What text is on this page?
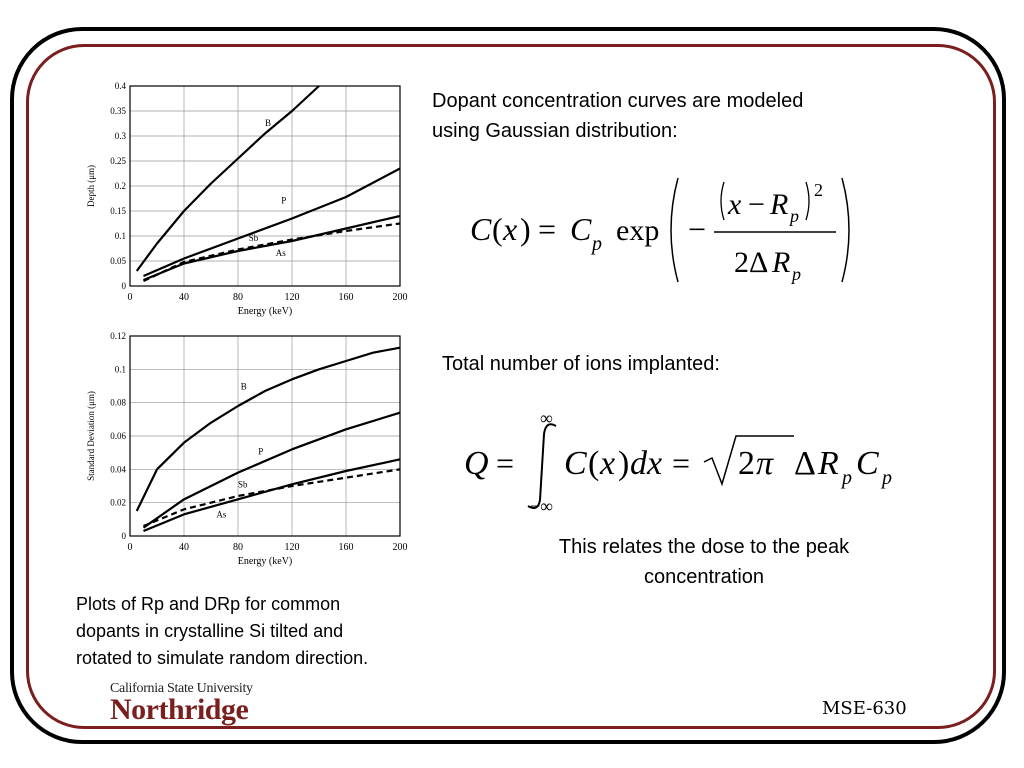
0	40	80	120	160	200
0
0.05
0.1
0.15
0.2
0.25
0.3
0.35
0.4
B
P
Sb
As
Energy (keV)
Depth (μm)
0	40	80	120	160	200
0
0.02
0.04
0.06
0.08
0.1
0.12
B
P
Sb
As
Energy (keV)
Standard Deviation (μm)
Plots of Rp and DRp for common
dopants in crystalline Si tilted and
rotated to simulate random direction.
Dopant concentration curves are modeled
using Gaussian distribution:
C ( x ) = C p exp −
x − R p
2
2Δ R p
Total number of ions implanted:
∞
Q =
−∞
C ( x ) dx = 2 π Δ R p C p
This relates the dose to the peak
concentration
California State University
Northridge	MSE-630
